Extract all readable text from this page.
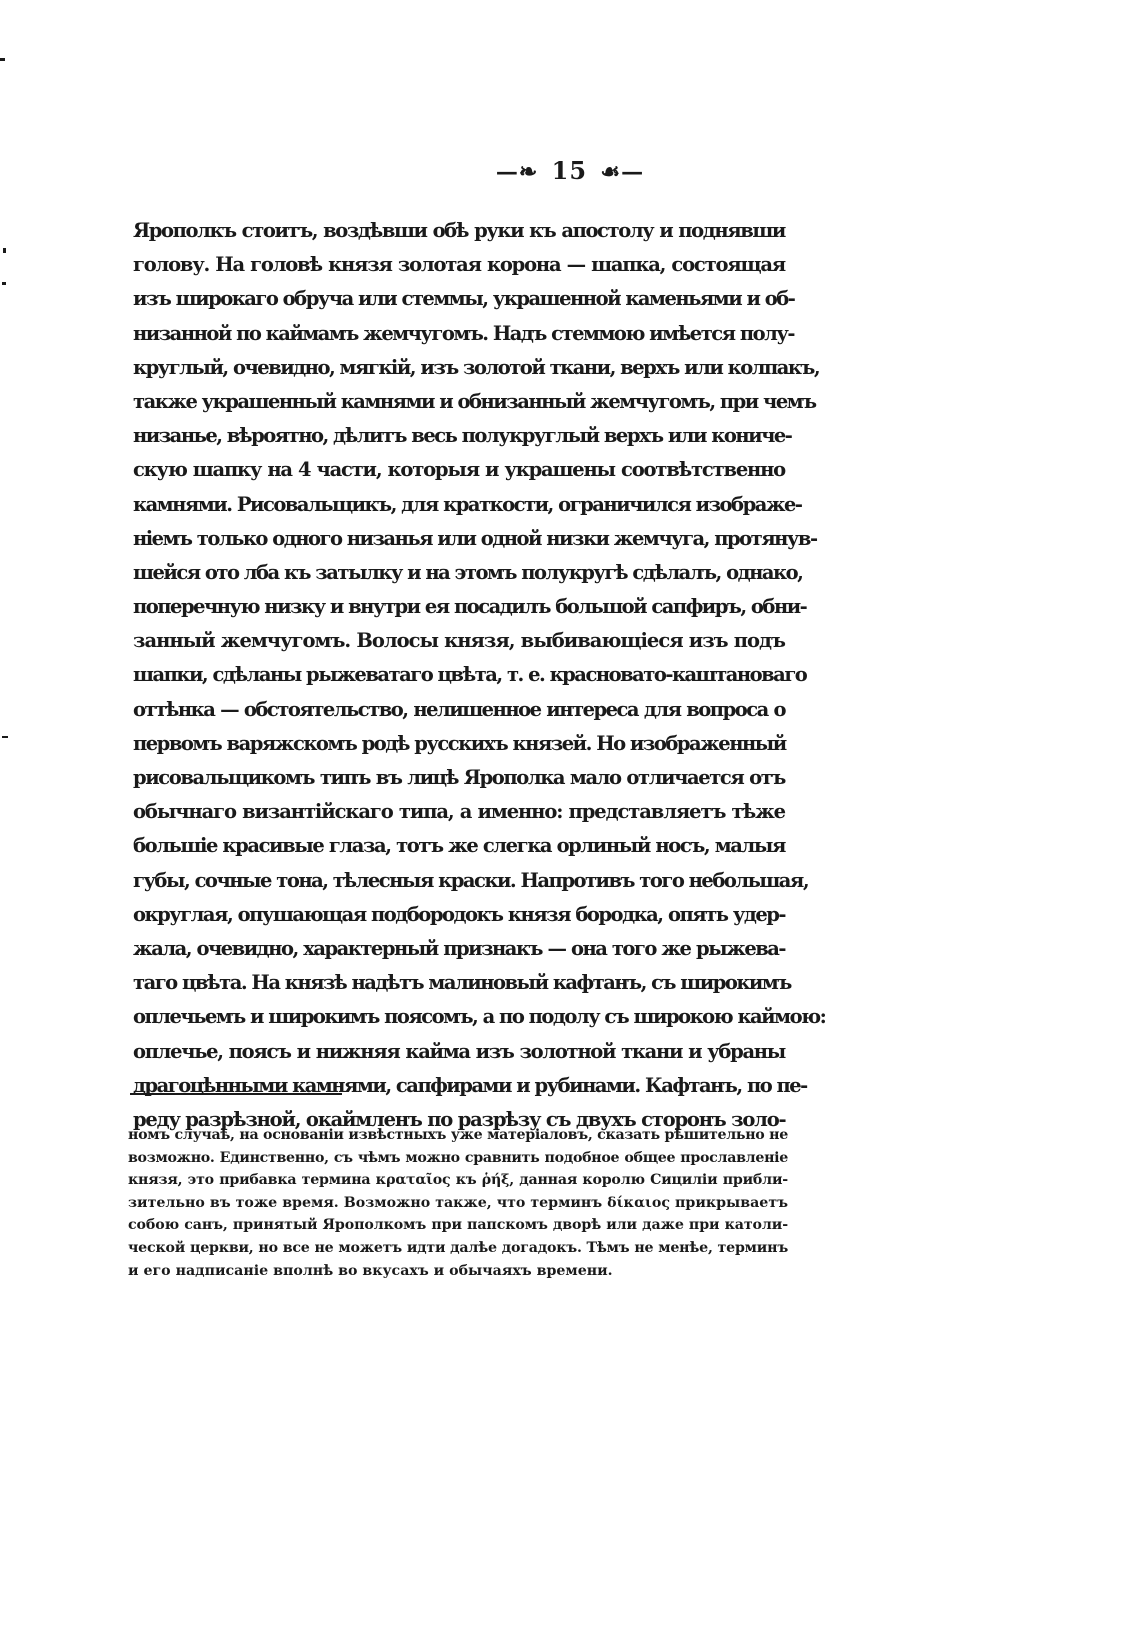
—❧ 15 ☙—
Ярополкъ стоитъ, воздѣвши обѣ руки къ апостолу и поднявши
голову. На головѣ князя золотая корона — шапка, состоящая
изъ широкаго обруча или стеммы, украшенной каменьями и об-
низанной по каймамъ жемчугомъ. Надъ стеммою имѣется полу-
круглый, очевидно, мягкій, изъ золотой ткани, верхъ или колпакъ,
также украшенный камнями и обнизанный жемчугомъ, при чемъ
низанье, вѣроятно, дѣлитъ весь полукруглый верхъ или кониче-
скую шапку на 4 части, которыя и украшены соотвѣтственно
камнями. Рисовальщикъ, для краткости, ограничился изображе-
ніемъ только одного низанья или одной низки жемчуга, протянув-
шейся ото лба къ затылку и на этомъ полукругѣ сдѣлалъ, однако,
поперечную низку и внутри ея посадилъ большой сапфиръ, обни-
занный жемчугомъ. Волосы князя, выбивающіеся изъ подъ
шапки, сдѣланы рыжеватаго цвѣта, т. е. красновато-каштановаго
оттѣнка — обстоятельство, нелишенное интереса для вопроса о
первомъ варяжскомъ родѣ русскихъ князей. Но изображенный
рисовальщикомъ типъ въ лицѣ Ярополка мало отличается отъ
обычнаго византійскаго типа, а именно: представляетъ тѣже
большіе красивые глаза, тотъ же слегка орлиный носъ, малыя
губы, сочные тона, тѣлесныя краски. Напротивъ того небольшая,
округлая, опушающая подбородокъ князя бородка, опять удер-
жала, очевидно, характерный признакъ — она того же рыжева-
таго цвѣта. На князѣ надѣтъ малиновый кафтанъ, съ широкимъ
оплечьемъ и широкимъ поясомъ, а по подолу съ широкою каймою:
оплечье, поясъ и нижняя кайма изъ золотной ткани и убраны
драгоцѣнными камнями, сапфирами и рубинами. Кафтанъ, по пе-
реду разрѣзной, окаймленъ по разрѣзу съ двухъ сторонъ золо-
номъ случаѣ, на основаніи извѣстныхъ уже матеріаловъ, сказать рѣшительно не
возможно. Единственно, съ чѣмъ можно сравнить подобное общее прославленіе
князя, это прибавка термина κραταῖος къ ῥήξ, данная королю Сициліи прибли-
зительно въ тоже время. Возможно также, что терминъ δίκαιος прикрываетъ
собою санъ, принятый Ярополкомъ при папскомъ дворѣ или даже при католи-
ческой церкви, но все не можетъ идти далѣе догадокъ. Тѣмъ не менѣе, терминъ
и его надписаніе вполнѣ во вкусахъ и обычаяхъ времени.
